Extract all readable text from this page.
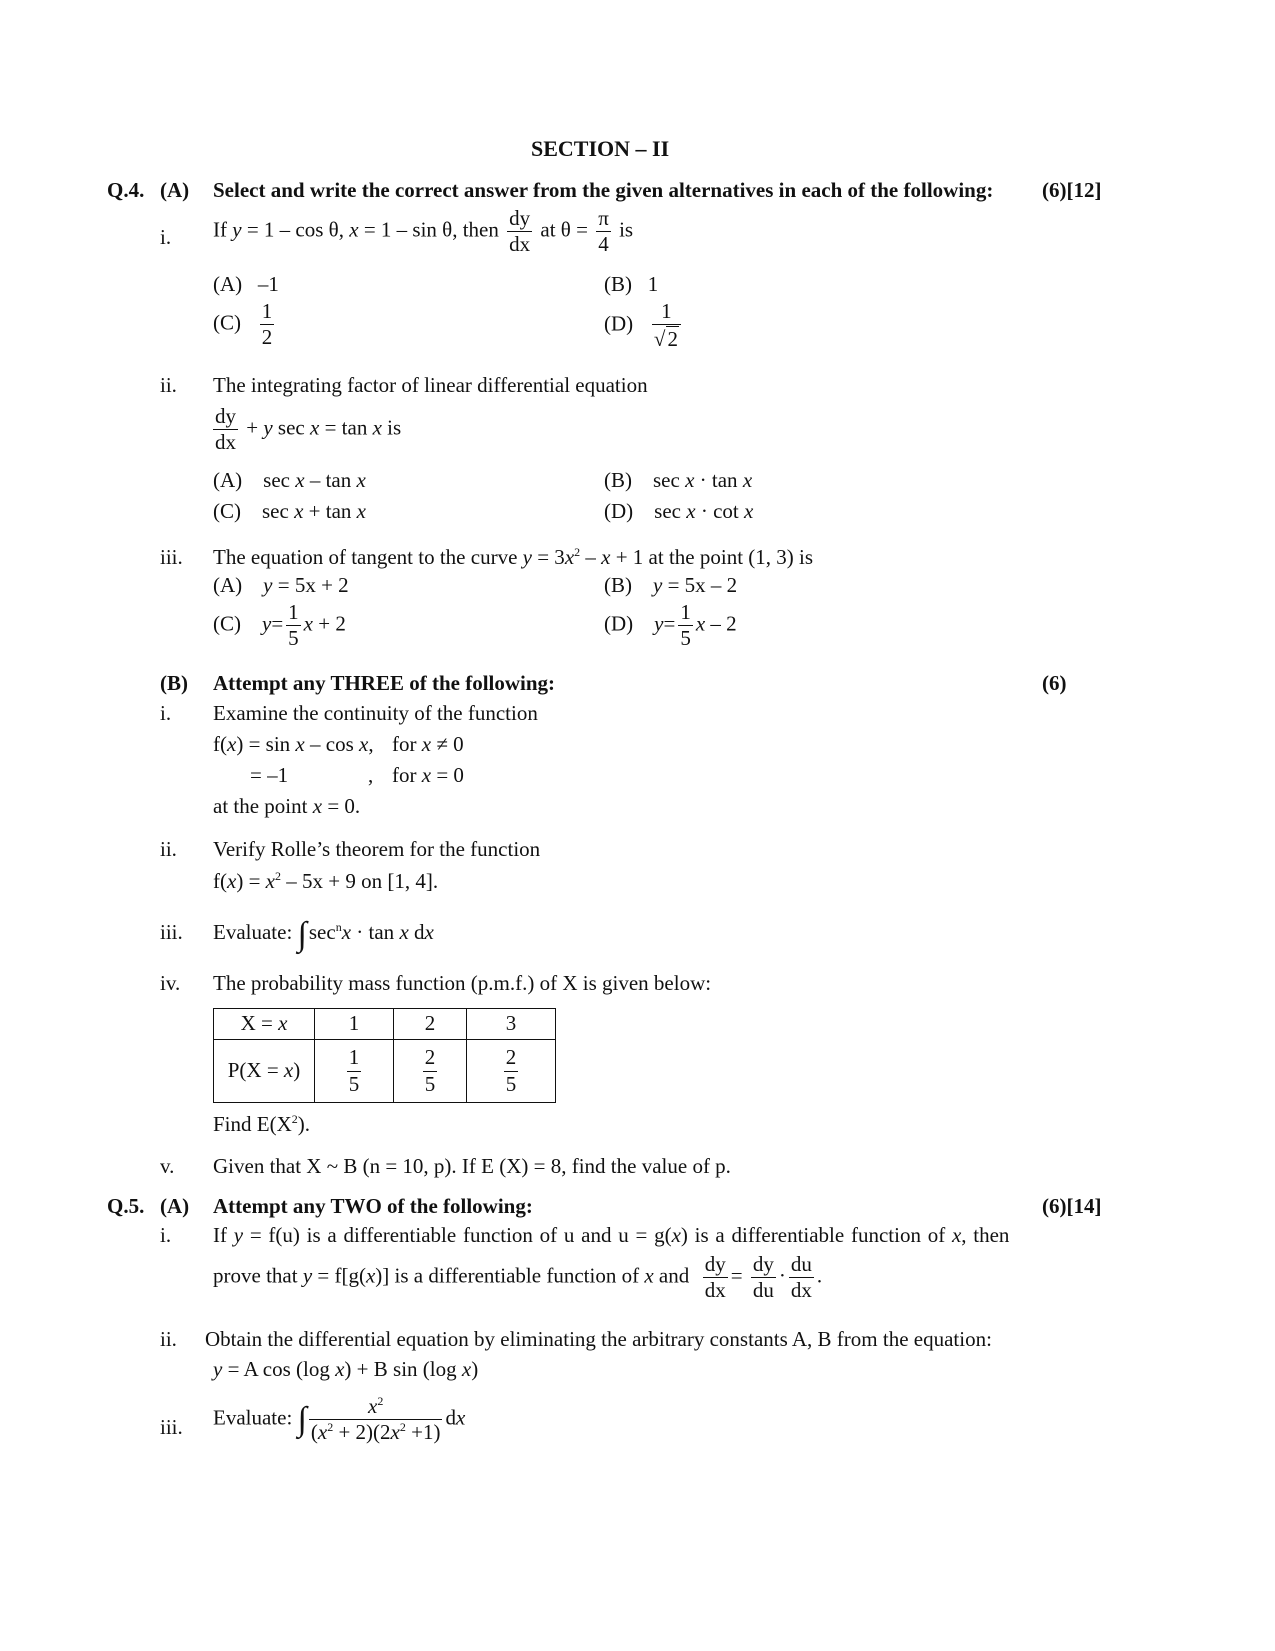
SECTION – II
Q.4. (A) Select and write the correct answer from the given alternatives in each of the following: (6)[12]
i. If y = 1 – cos θ, x = 1 – sin θ, then $\frac{dy}{dx}$ at $\theta = \frac{\pi}{4}$ is
(A) –1	(B) 1
$(C) \frac{1}{2}$	$(D) \frac{1}{√2}$
ii. The integrating factor of linear differential equation
$\frac{dy}{dx} + y$ sec x = tan x is
(A) sec x – tan x	(B) sec x · tan x
(C) sec x + tan x	(D) sec x · cot x
iii. The equation of tangent to the curve $y = 3x^2 - x + 1$ at the point (1, 3) is
(A) y = 5x + 2	(B) y = 5x – 2
(C) $y= \frac{1}{5}$ x + 2	(D) $y= \frac{1}{5}$ x – 2
(B) Attempt any THREE of the following:	(6)
i. Examine the continuity of the function
f(x) = sin x – cos x, for x ≠ 0
= –1	, for x = 0
at the point x = 0.
ii. Verify Rolle’s theorem for the function
$f(x) = x^2 - 5x + 9$ on [1, 4].
iii. Evaluate: $\int\sec^nx \cdot \tan x$ dx
iv. The probability mass function (p.m.f.) of X is given below:
X = x	1	2	3
P(X = x)	$\frac{1}{5}$	$\frac{2}{5}$	$\frac{2}{5}$
Find $E(X^2)$.
v. Given that X ~ B (n = 10, p). If E (X) = 8, find the value of p.
Q.5. (A) Attempt any TWO of the following:	(6)[14]
i. If y = f(u) is a differentiable function of u and u = g(x) is a differentiable function of x, then
prove that y = f[g(x)] is a differentiable function of x and $\frac{dy}{dx} = \frac{dy}{du} \cdot \frac{du}{dx}$ .
ii. Obtain the differential equation by eliminating the arbitrary constants A, B from the equation:
y = A cos (log x) + B sin (log x)
iii. Evaluate: ∫ $\frac{x^2}{(x^2 + 2)(2x^2 +1)}$ dx
